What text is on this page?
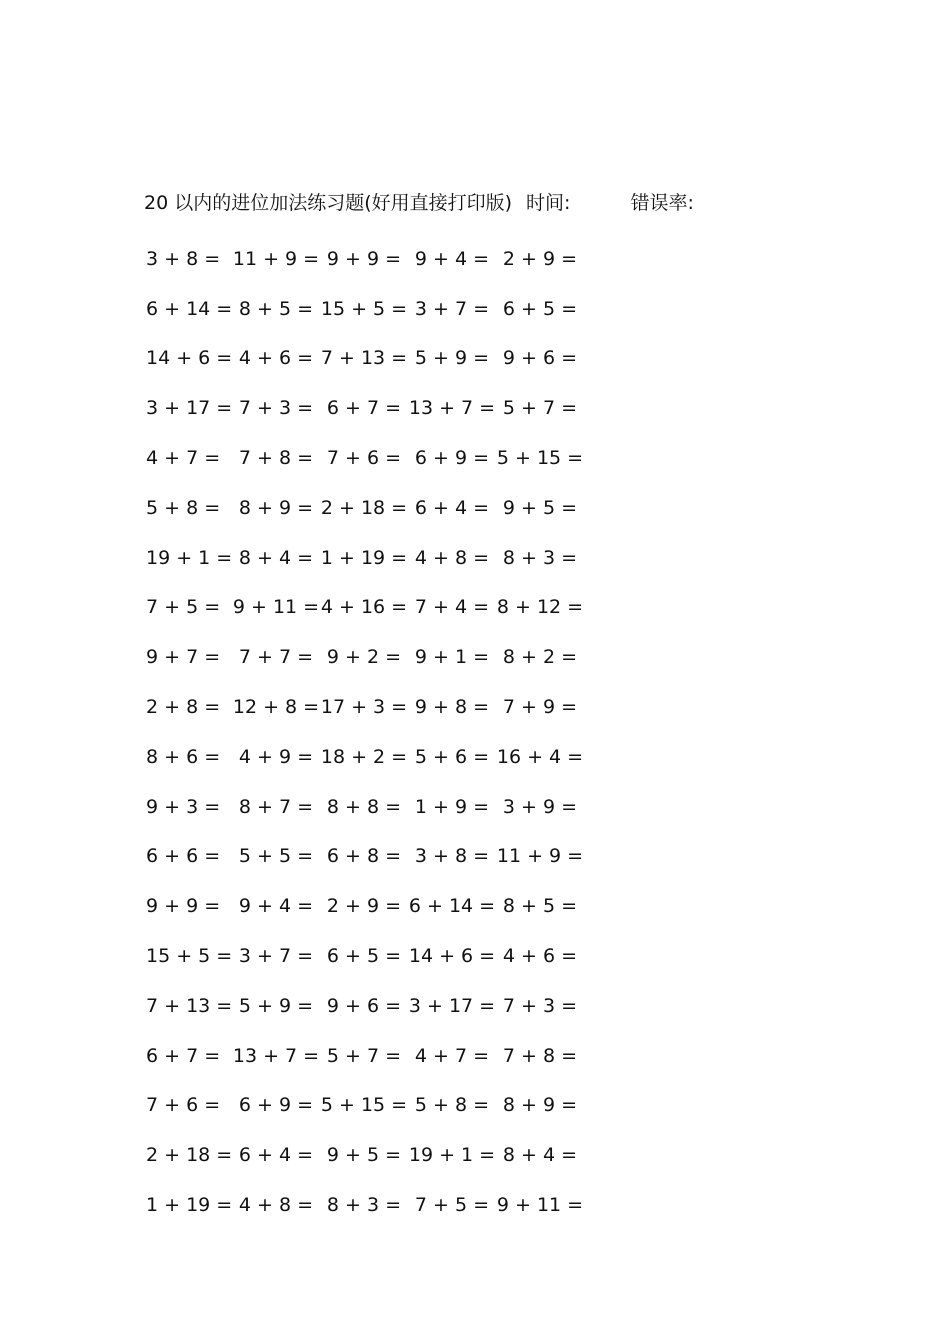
20 以内的进位加法练习题(好用直接打印版) 时间:	错误率:
3 + 8 = 11 + 9 = 9 + 9 = 9 + 4 = 2 + 9 =
6 + 14 = 8 + 5 = 15 + 5 = 3 + 7 = 6 + 5 =
14 + 6 = 4 + 6 = 7 + 13 = 5 + 9 = 9 + 6 =
3 + 17 = 7 + 3 = 6 + 7 = 13 + 7 = 5 + 7 =
4 + 7 = 7 + 8 = 7 + 6 = 6 + 9 = 5 + 15 =
5 + 8 = 8 + 9 = 2 + 18 = 6 + 4 = 9 + 5 =
19 + 1 = 8 + 4 = 1 + 19 = 4 + 8 = 8 + 3 =
7 + 5 = 9 + 11 = 4 + 16 = 7 + 4 = 8 + 12 =
9 + 7 = 7 + 7 = 9 + 2 = 9 + 1 = 8 + 2 =
2 + 8 = 12 + 8 = 17 + 3 = 9 + 8 = 7 + 9 =
8 + 6 = 4 + 9 = 18 + 2 = 5 + 6 = 16 + 4 =
9 + 3 = 8 + 7 = 8 + 8 = 1 + 9 = 3 + 9 =
6 + 6 = 5 + 5 = 6 + 8 = 3 + 8 = 11 + 9 =
9 + 9 = 9 + 4 = 2 + 9 = 6 + 14 = 8 + 5 =
15 + 5 = 3 + 7 = 6 + 5 = 14 + 6 = 4 + 6 =
7 + 13 = 5 + 9 = 9 + 6 = 3 + 17 = 7 + 3 =
6 + 7 = 13 + 7 = 5 + 7 = 4 + 7 = 7 + 8 =
7 + 6 = 6 + 9 = 5 + 15 = 5 + 8 = 8 + 9 =
2 + 18 = 6 + 4 = 9 + 5 = 19 + 1 = 8 + 4 =
1 + 19 = 4 + 8 = 8 + 3 = 7 + 5 = 9 + 11 =
